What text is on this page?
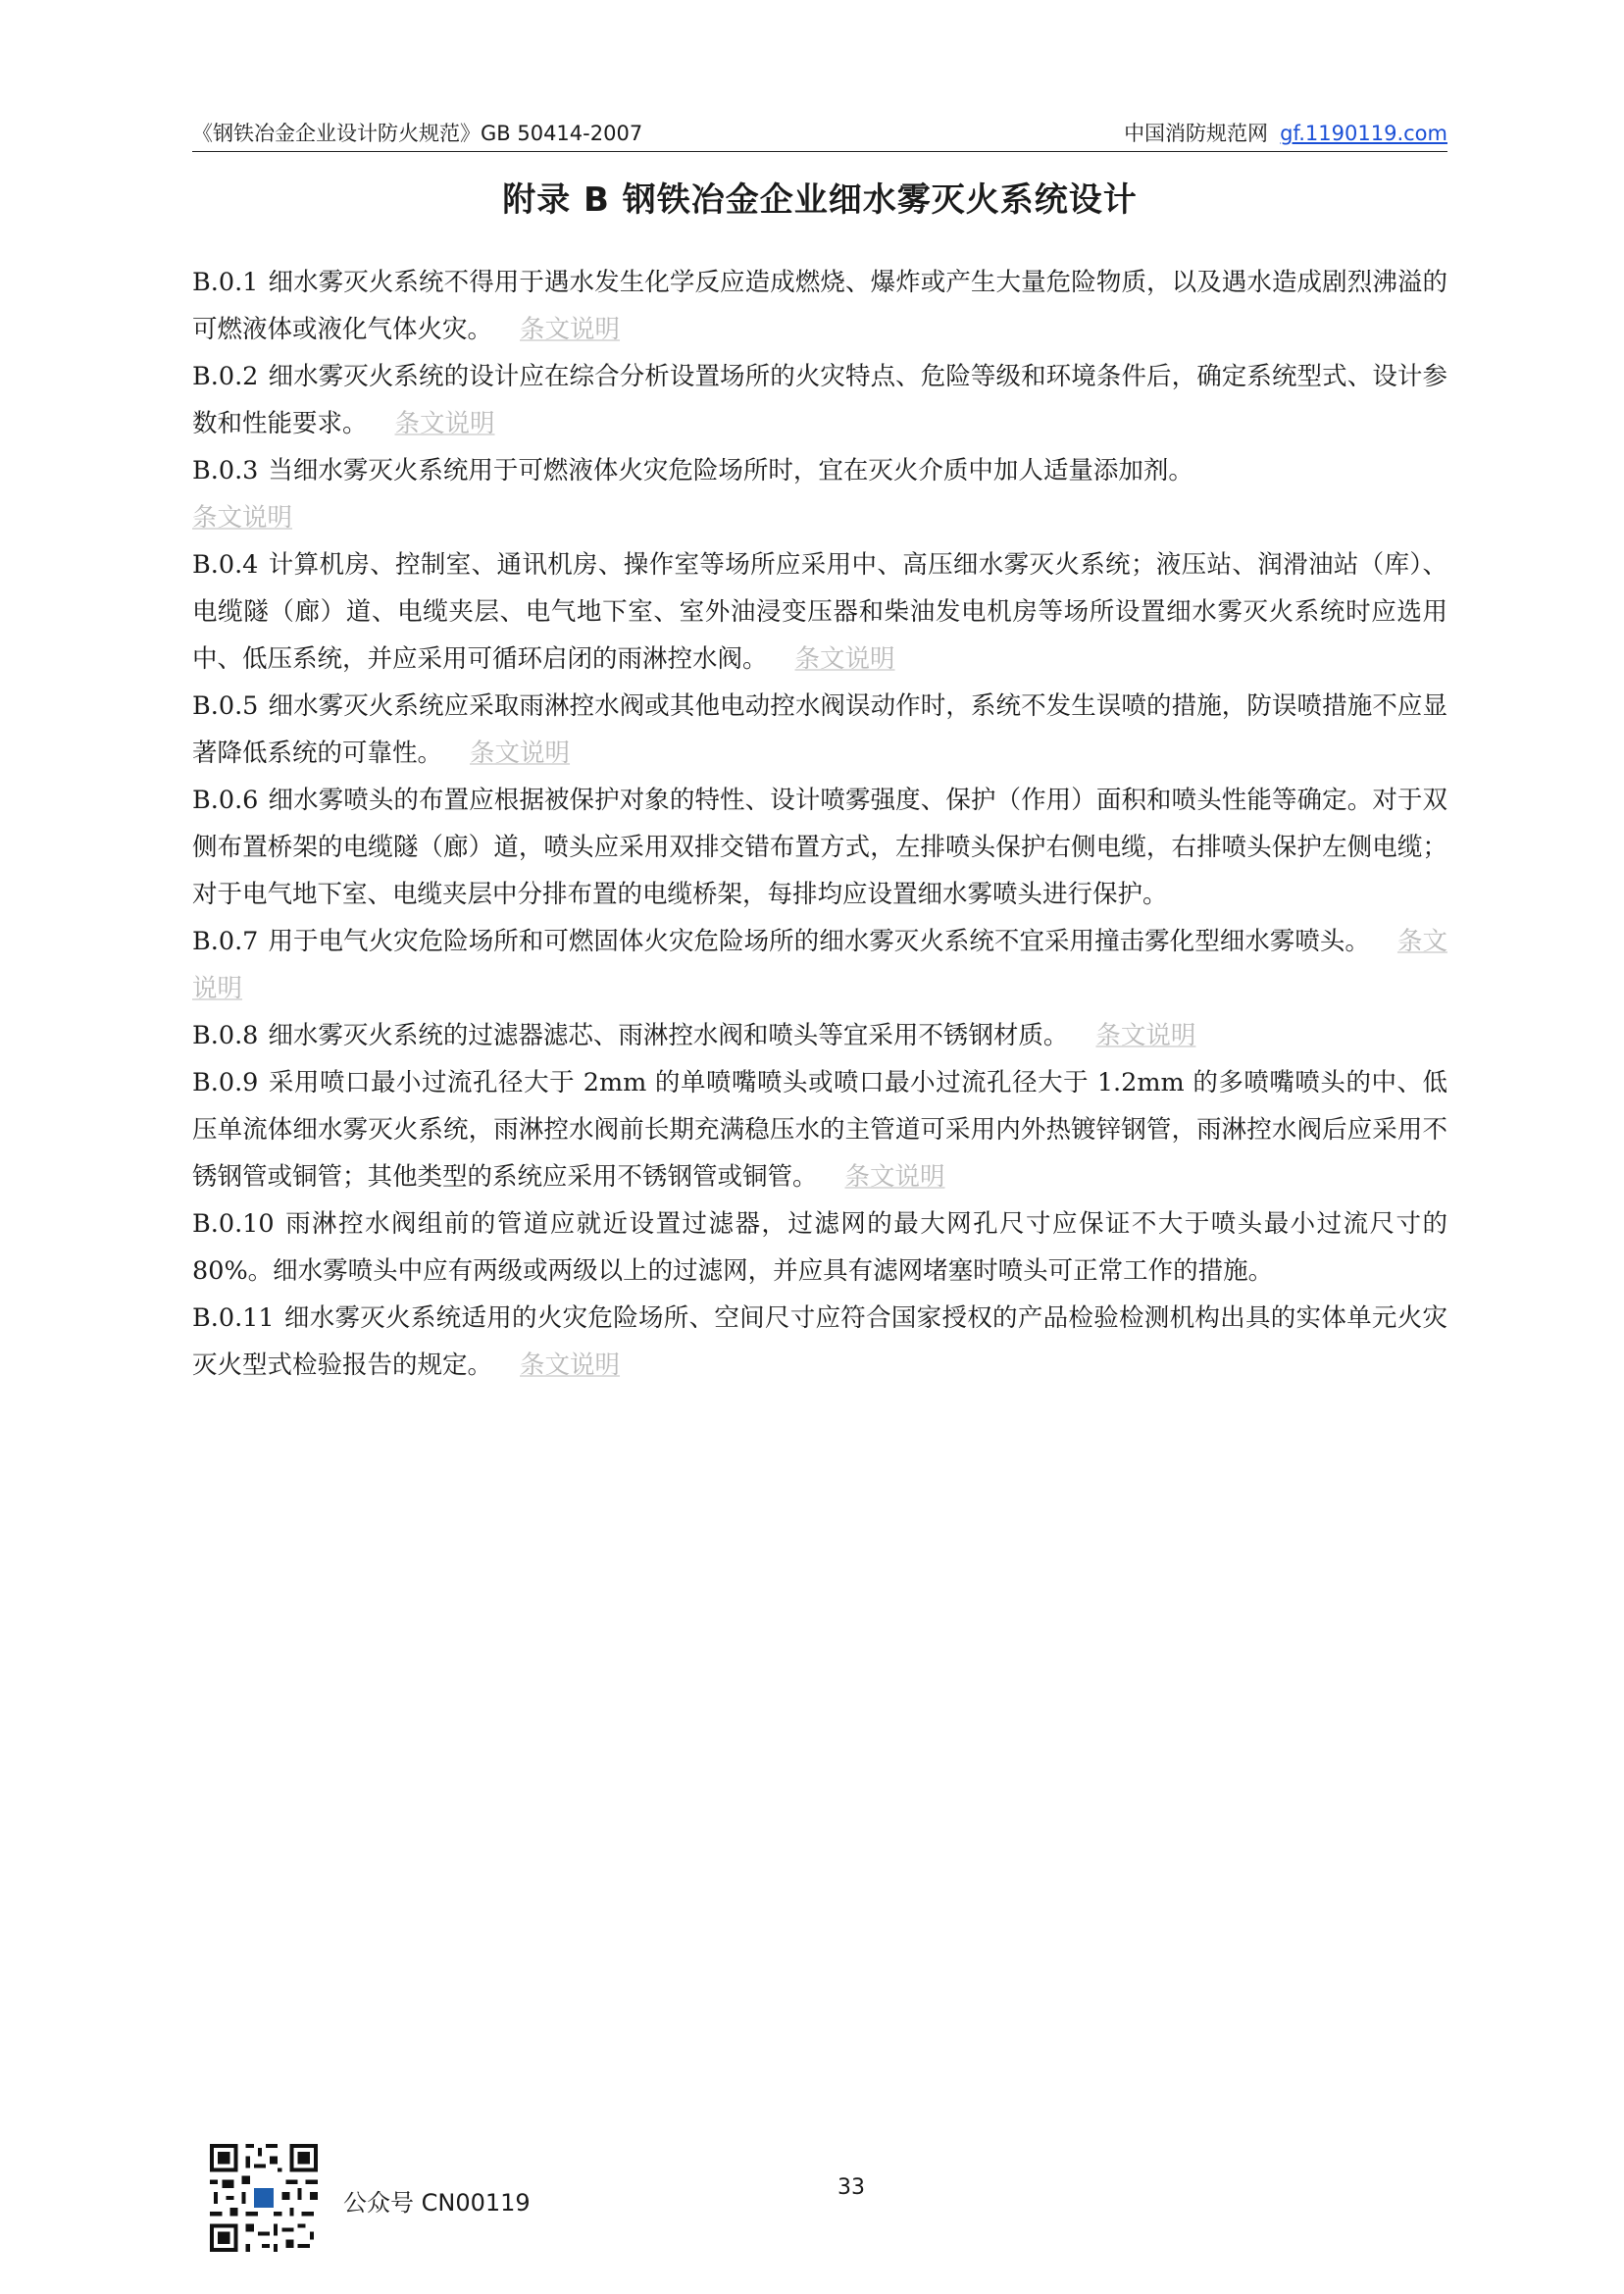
《钢铁冶金企业设计防火规范》GB 50414-2007	中国消防规范网 gf.1190119.com
附录 B 钢铁冶金企业细水雾灭火系统设计

B.0.1 细水雾灭火系统不得用于遇水发生化学反应造成燃烧、爆炸或产生大量危险物质，以及遇水造成剧烈沸溢的可燃液体或液化气体火灾。 条文说明

B.0.2 细水雾灭火系统的设计应在综合分析设置场所的火灾特点、危险等级和环境条件后，确定系统型式、设计参数和性能要求。 条文说明

B.0.3 当细水雾灭火系统用于可燃液体火灾危险场所时，宜在灭火介质中加人适量添加剂。
条文说明

B.0.4 计算机房、控制室、通讯机房、操作室等场所应采用中、高压细水雾灭火系统；液压站、润滑油站（库）、电缆隧（廊）道、电缆夹层、电气地下室、室外油浸变压器和柴油发电机房等场所设置细水雾灭火系统时应选用中、低压系统，并应采用可循环启闭的雨淋控水阀。 条文说明

B.0.5 细水雾灭火系统应采取雨淋控水阀或其他电动控水阀误动作时，系统不发生误喷的措施，防误喷措施不应显著降低系统的可靠性。 条文说明

B.0.6 细水雾喷头的布置应根据被保护对象的特性、设计喷雾强度、保护（作用）面积和喷头性能等确定。对于双侧布置桥架的电缆隧（廊）道，喷头应采用双排交错布置方式，左排喷头保护右侧电缆，右排喷头保护左侧电缆；对于电气地下室、电缆夹层中分排布置的电缆桥架，每排均应设置细水雾喷头进行保护。

B.0.7 用于电气火灾危险场所和可燃固体火灾危险场所的细水雾灭火系统不宜采用撞击雾化型细水雾喷头。 条文说明

B.0.8 细水雾灭火系统的过滤器滤芯、雨淋控水阀和喷头等宜采用不锈钢材质。 条文说明

B.0.9 采用喷口最小过流孔径大于 2mm 的单喷嘴喷头或喷口最小过流孔径大于 1.2mm 的多喷嘴喷头的中、低压单流体细水雾灭火系统，雨淋控水阀前长期充满稳压水的主管道可采用内外热镀锌钢管，雨淋控水阀后应采用不锈钢管或铜管；其他类型的系统应采用不锈钢管或铜管。 条文说明

B.0.10 雨淋控水阀组前的管道应就近设置过滤器，过滤网的最大网孔尺寸应保证不大于喷头最小过流尺寸的 80%。细水雾喷头中应有两级或两级以上的过滤网，并应具有滤网堵塞时喷头可正常工作的措施。

B.0.11 细水雾灭火系统适用的火灾危险场所、空间尺寸应符合国家授权的产品检验检测机构出具的实体单元火灾灭火型式检验报告的规定。 条文说明

公众号 CN00119
33
